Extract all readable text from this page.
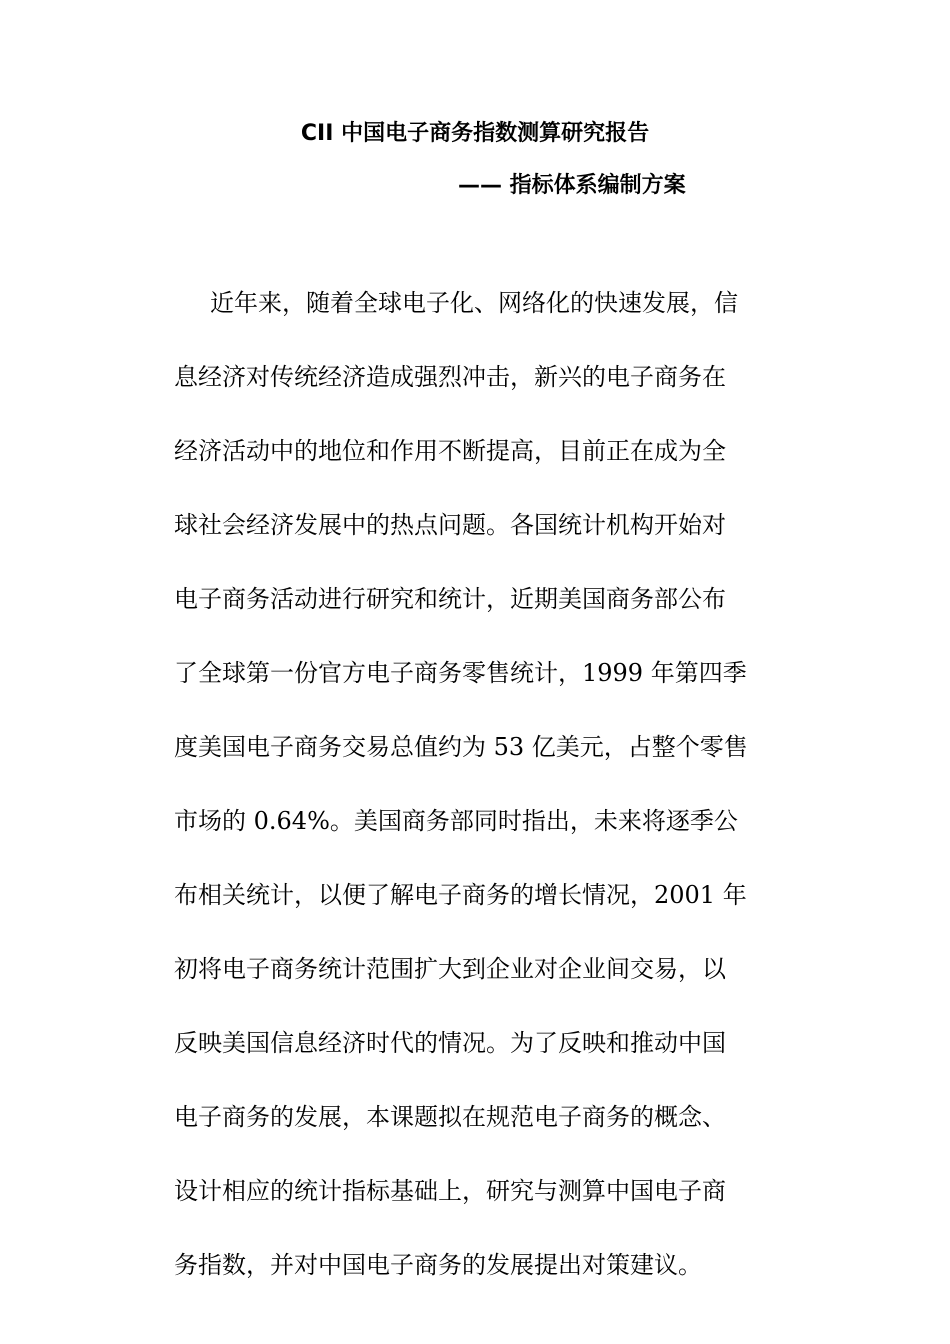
CII 中国电子商务指数测算研究报告
—— 指标体系编制方案
近年来，随着全球电子化、网络化的快速发展，信
息经济对传统经济造成强烈冲击，新兴的电子商务在
经济活动中的地位和作用不断提高，目前正在成为全
球社会经济发展中的热点问题。各国统计机构开始对
电子商务活动进行研究和统计，近期美国商务部公布
了全球第一份官方电子商务零售统计，1999 年第四季
度美国电子商务交易总值约为 53 亿美元，占整个零售
市场的 0.64%。美国商务部同时指出，未来将逐季公
布相关统计，以便了解电子商务的增长情况，2001 年
初将电子商务统计范围扩大到企业对企业间交易，以
反映美国信息经济时代的情况。为了反映和推动中国
电子商务的发展，本课题拟在规范电子商务的概念、
设计相应的统计指标基础上，研究与测算中国电子商
务指数，并对中国电子商务的发展提出对策建议。
